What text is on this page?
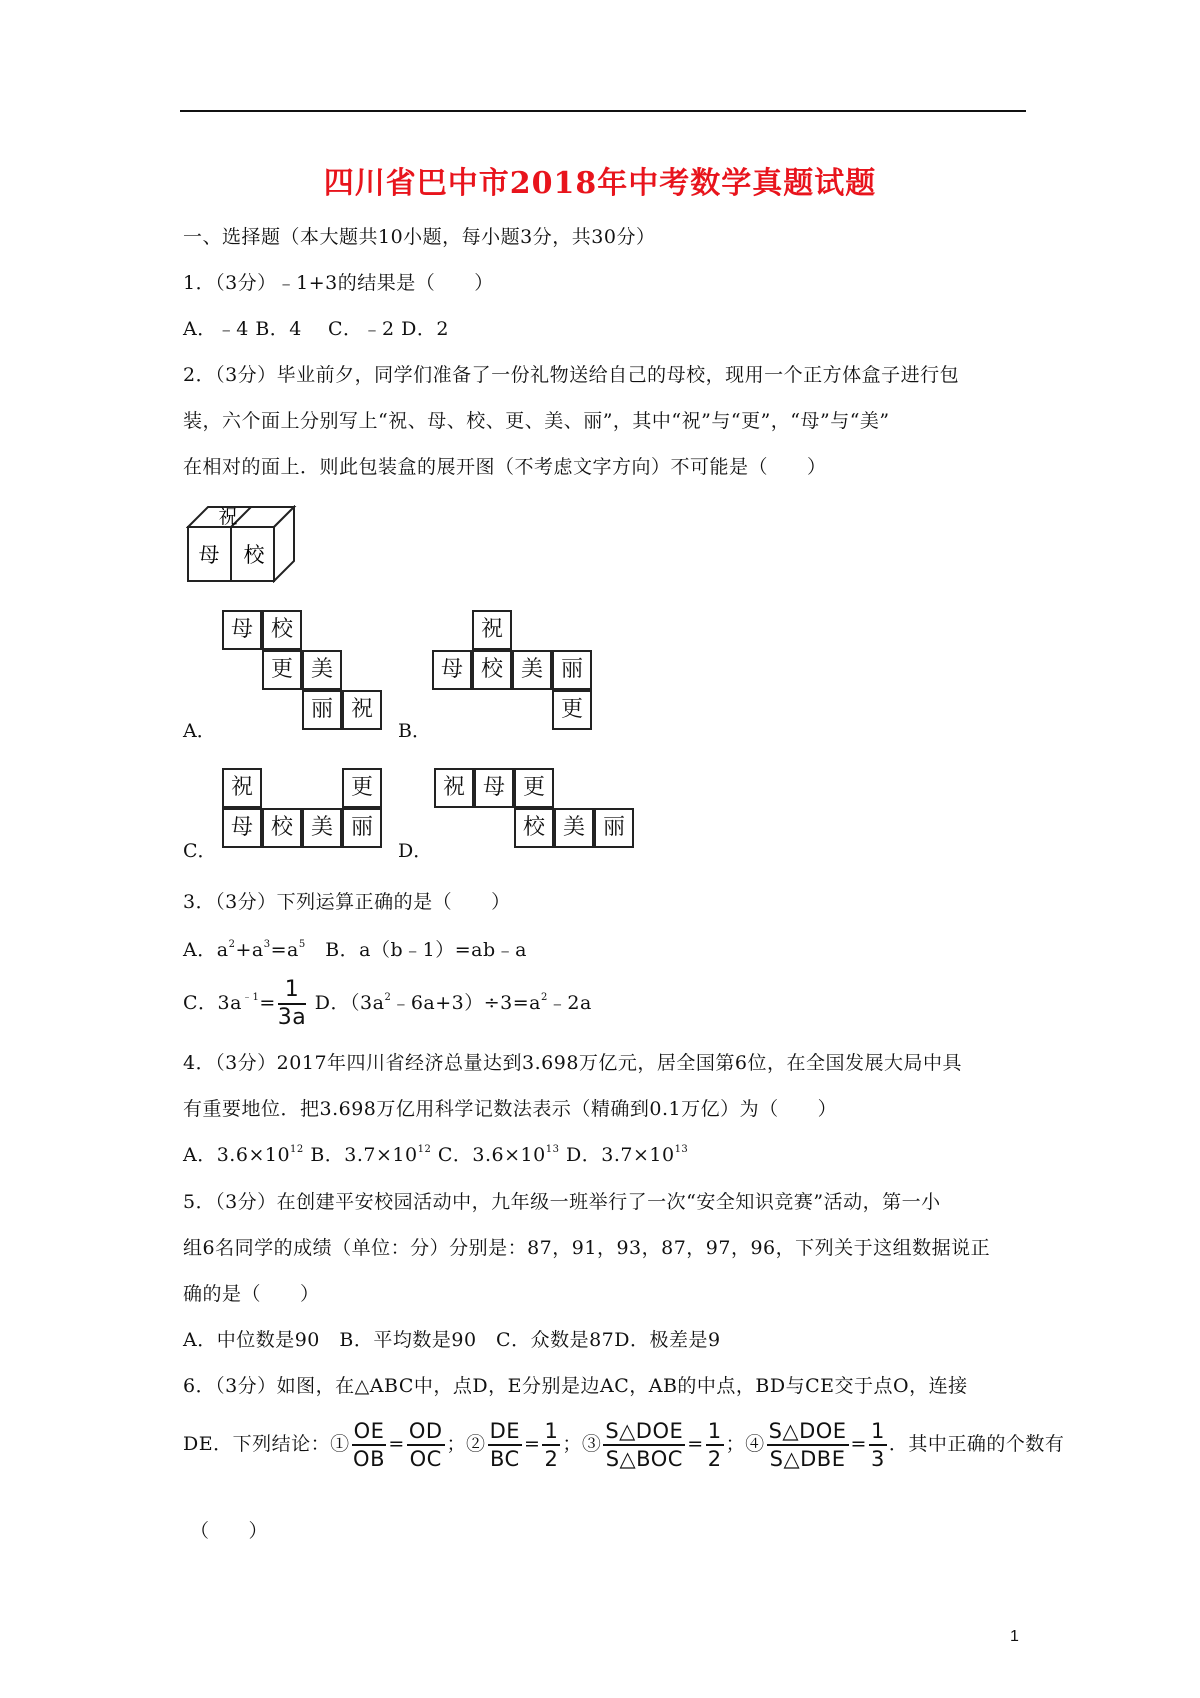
四川省巴中市2018年中考数学真题试题
一、选择题（本大题共10小题，每小题3分，共30分）
1．（3分）﹣1+3的结果是（　　）
A．﹣4 B．4　 C．﹣2 D．2
2．（3分）毕业前夕，同学们准备了一份礼物送给自己的母校，现用一个正方体盒子进行包
装，六个面上分别写上“祝、母、校、更、美、丽”，其中“祝”与“更”，“母”与“美”
在相对的面上．则此包装盒的展开图（不考虑文字方向）不可能是（　　）
祝
母 校
母 校
更 美
丽 祝
A．
祝
母 校 美 丽
更
B．
祝	更
母 校 美 丽
C．
祝 母 更
校 美 丽
D．
3．（3分）下列运算正确的是（　　）
A．$a^2+a^3=a^5$　B．a（b﹣1）=ab﹣a
C．$3a^{﹣1}= \frac{1}{3a}$ D．$(3a^2﹣6a+3)\div 3=a^2﹣2a$
4．（3分）2017年四川省经济总量达到3.698万亿元，居全国第6位，在全国发展大局中具
有重要地位．把3.698万亿用科学记数法表示（精确到0.1万亿）为（　　）
A．$3.6\times 10^{12}$ B．$3.7\times 10^{12}$ C．$3.6\times 10^{13}$ D．$3.7\times 10^{13}$
5．（3分）在创建平安校园活动中，九年级一班举行了一次“安全知识竞赛”活动，第一小
组6名同学的成绩（单位：分）分别是：87，91，93，87，97，96，下列关于这组数据说正
确的是（　　）
A．中位数是90　B．平均数是90　C．众数是87D．极差是9
6．（3分）如图，在△ABC中，点D，E分别是边AC，AB的中点，BD与CE交于点O，连接
DE．下列结论：① $\frac{OE}{OB} = \frac{OD}{OC}$ ；② $\frac{DE}{BC} = \frac{1}{2}$ ；③ $\frac{\text{S△DOE}}{\text{S△BOC}} = \frac{1}{2}$ ；④ $\frac{\text{S△DOE}}{\text{S△DBE}} = \frac{1}{3}$ ．其中正确的个数有
（　　）
1
